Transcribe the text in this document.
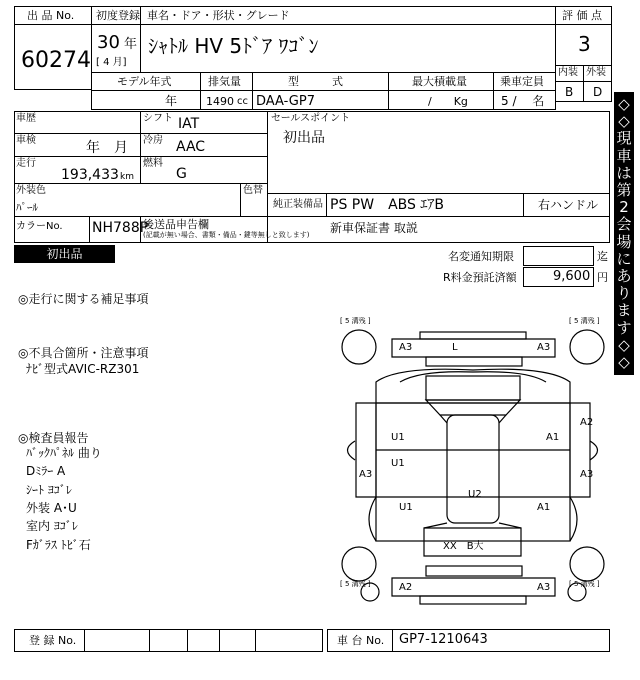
出 品 No.
60274
初度登録 車名・ドア・形状・グレード
30 年
[ 4 月]
ｼｬﾄﾙ HV 5ﾄﾞｱ ﾜｺﾞﾝ
モデル年式	排気量	型　　　式	最大積載量	乗車定員
年	1490 cc DAA-GP7	/　　Kg	5 /　 名
評 価 点
3
内装 外装
B D
◇
◇
現
車
は
第
2
会
場
に
あ
り
ま
す
◇
◇
車歴	シフト IAT
車検	年　月 冷房 AAC
走行
193,433 km
燃料
G
外装色
ﾊﾟｰﾙ
色替
カラーNo. NH788P
後送品申告欄
(記載が無い場合、書類・備品・鍵等無しと致します)
セールスポイント
初出品
純正装備品 PS PW　ABS ｴｱB	右ハンドル
新車保証書 取説
初出品	名変通知期限	迄
R料金預託済額	9,600 円
◎走行に関する補足事項
◎不具合箇所・注意事項
ﾅﾋﾞ型式AVIC-RZ301
◎検査員報告
ﾊﾞｯｸﾊﾟﾈﾙ 曲り
Dﾐﾗｰ A
ｼｰﾄ ﾖｺﾞﾚ
外装 A･U
室内 ﾖｺﾞﾚ
Fｶﾞﾗｽ ﾄﾋﾞ石
[ 5 溝残 ]	[ 5 溝残 ]
[ 5 溝残 ]	[ 5 溝残 ]
A3	L	A3
A2
U1	A1
U1
A3	A3
U2
U1	A1
XX　B大
A2	A3
登 録 No.	車 台 No. GP7-1210643
